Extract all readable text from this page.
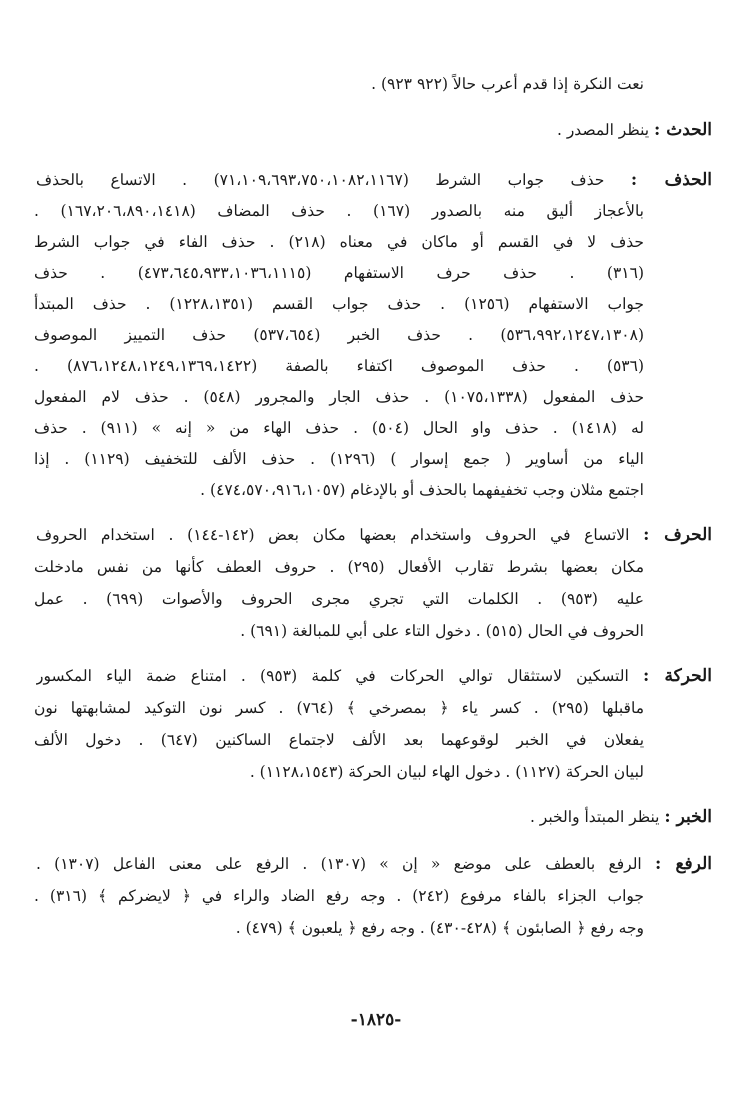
نعت النكرة إذا قدم أعرب حالاً (٩٢٢ ٩٢٣) .

الحدث : ينظر المصدر .

الحذف : حذف جواب الشرط (٧١،١٠٩،٦٩٣،٧٥٠،١٠٨٢،١١٦٧) . الاتساع بالحذف

بالأعجاز أليق منه بالصدور (١٦٧) . حذف المضاف (١٦٧،٢٠٦،٨٩٠،١٤١٨) .

حذف لا في القسم أو ماكان في معناه (٢١٨) . حذف الفاء في جواب الشرط

(٣١٦) . حذف حرف الاستفهام (٤٧٣،٦٤٥،٩٣٣،١٠٣٦،١١١٥) . حذف

جواب الاستفهام (١٢٥٦) . حذف جواب القسم (١٢٢٨،١٣٥١) . حذف المبتدأ

(٥٣٦،٩٩٢،١٢٤٧،١٣٠٨) . حذف الخبر (٥٣٧،٦٥٤) حذف التمييز الموصوف

(٥٣٦) . حذف الموصوف اكتفاء بالصفة (٨٧٦،١٢٤٨،١٢٤٩،١٣٦٩،١٤٢٢) .

حذف المفعول (١٠٧٥،١٣٣٨) . حذف الجار والمجرور (٥٤٨) . حذف لام المفعول

له (١٤١٨) . حذف واو الحال (٥٠٤) . حذف الهاء من « إنه » (٩١١) . حذف

الياء من أساوير ( جمع إسوار ) (١٢٩٦) . حذف الألف للتخفيف (١١٢٩) . إذا

اجتمع مثلان وجب تخفيفهما بالحذف أو بالإدغام (٤٧٤،٥٧٠،٩١٦،١٠٥٧) .

الحرف : الاتساع في الحروف واستخدام بعضها مكان بعض (١٤٢-١٤٤) . استخدام الحروف

مكان بعضها بشرط تقارب الأفعال (٢٩٥) . حروف العطف كأنها من نفس مادخلت

عليه (٩٥٣) . الكلمات التي تجري مجرى الحروف والأصوات (٦٩٩) . عمل

الحروف في الحال (٥١٥) . دخول التاء على أبي للمبالغة (٦٩١) .

الحركة : التسكين لاستثقال توالي الحركات في كلمة (٩٥٣) . امتناع ضمة الياء المكسور

ماقبلها (٢٩٥) . كسر ياء ﴿ بمصرخي ﴾ (٧٦٤) . كسر نون التوكيد لمشابهتها نون

يفعلان في الخبر لوقوعهما بعد الألف لاجتماع الساكنين (٦٤٧) . دخول الألف

لبيان الحركة (١١٢٧) . دخول الهاء لبيان الحركة (١١٢٨،١٥٤٣) .

الخبر : ينظر المبتدأ والخبر .

الرفع : الرفع بالعطف على موضع « إن » (١٣٠٧) . الرفع على معنى الفاعل (١٣٠٧) .

جواب الجزاء بالفاء مرفوع (٢٤٢) . وجه رفع الضاد والراء في ﴿ لايضركم ﴾ (٣١٦) .

وجه رفع ﴿ الصابئون ﴾ (٤٢٨-٤٣٠) . وجه رفع ﴿ يلعبون ﴾ (٤٧٩) .

-١٨٢٥-
